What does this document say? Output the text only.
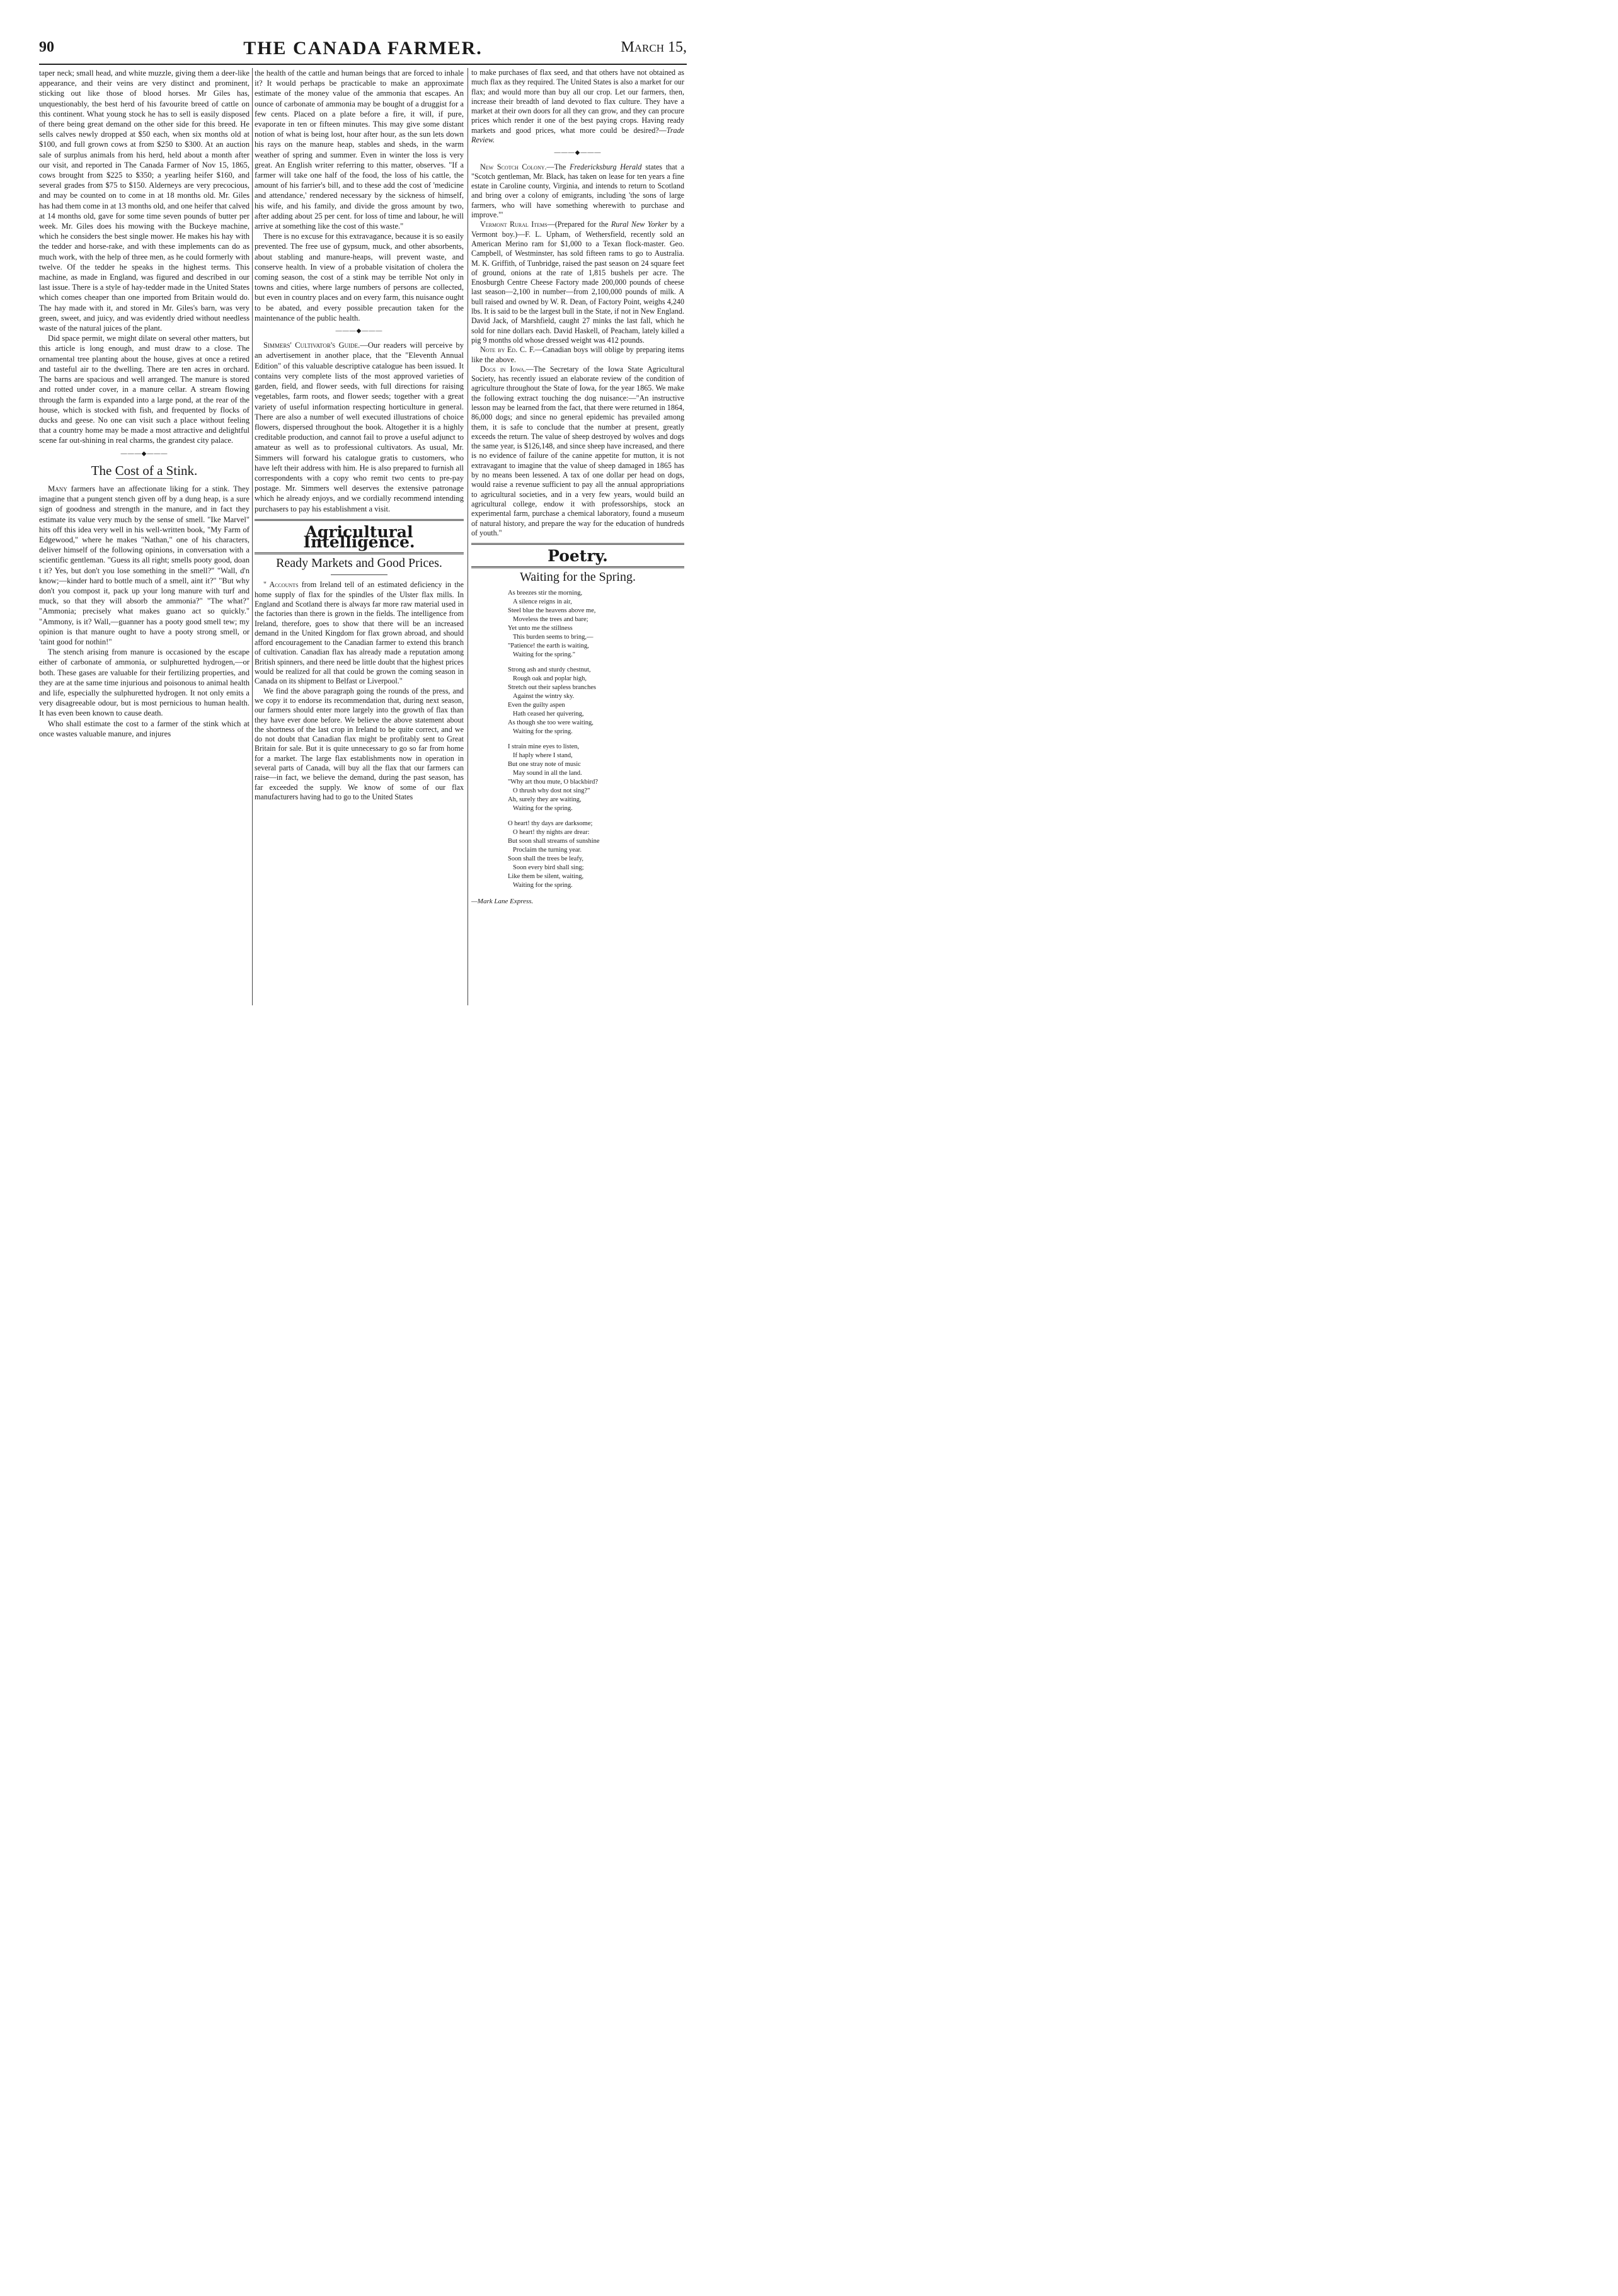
90	THE CANADA FARMER.	March 15,

taper neck; small head, and white muzzle, giving them a deer-like appearance, and their veins are very distinct and prominent, sticking out like those of blood horses. Mr Giles has, unquestionably, the best herd of his favourite breed of cattle on this continent. What young stock he has to sell is easily disposed of there being great demand on the other side for this breed. He sells calves newly dropped at $50 each, when six months old at $100, and full grown cows at from $250 to $300. At an auction sale of surplus animals from his herd, held about a month after our visit, and reported in The Canada Farmer of Nov 15, 1865, cows brought from $225 to $350; a yearling heifer $160, and several grades from $75 to $150. Alderneys are very precocious, and may be counted on to come in at 18 months old. Mr. Giles has had them come in at 13 months old, and one heifer that calved at 14 months old, gave for some time seven pounds of butter per week. Mr. Giles does his mowing with the Buckeye machine, which he considers the best single mower. He makes his hay with the tedder and horse-rake, and with these implements can do as much work, with the help of three men, as he could formerly with twelve. Of the tedder he speaks in the highest terms. This machine, as made in England, was figured and described in our last issue. There is a style of hay-tedder made in the United States which comes cheaper than one imported from Britain would do. The hay made with it, and stored in Mr. Giles's barn, was very green, sweet, and juicy, and was evidently dried without needless waste of the natural juices of the plant.

Did space permit, we might dilate on several other matters, but this article is long enough, and must draw to a close. The ornamental tree planting about the house, gives at once a retired and tasteful air to the dwelling. There are ten acres in orchard. The barns are spacious and well arranged. The manure is stored and rotted under cover, in a manure cellar. A stream flowing through the farm is expanded into a large pond, at the rear of the house, which is stocked with fish, and frequented by flocks of ducks and geese. No one can visit such a place without feeling that a country home may be made a most attractive and delightful scene far out-shining in real charms, the grandest city palace.

———◆———
The Cost of a Stink.

Many farmers have an affectionate liking for a stink. They imagine that a pungent stench given off by a dung heap, is a sure sign of goodness and strength in the manure, and in fact they estimate its value very much by the sense of smell. "Ike Marvel" hits off this idea very well in his well-written book, "My Farm of Edgewood," where he makes "Nathan," one of his characters, deliver himself of the following opinions, in conversation with a scientific gentleman. "Guess its all right; smells pooty good, doan t it? Yes, but don't you lose something in the smell?" "Wall, d'n know;—kinder hard to bottle much of a smell, aint it?" "But why don't you compost it, pack up your long manure with turf and muck, so that they will absorb the ammonia?" "The what?" "Ammonia; precisely what makes guano act so quickly." "Ammony, is it? Wall,—guanner has a pooty good smell tew; my opinion is that manure ought to have a pooty strong smell, or 'taint good for nothin!"

The stench arising from manure is occasioned by the escape either of carbonate of ammonia, or sulphuretted hydrogen,—or both. These gases are valuable for their fertilizing properties, and they are at the same time injurious and poisonous to animal health and life, especially the sulphuretted hydrogen. It not only emits a very disagreeable odour, but is most pernicious to human health. It has even been known to cause death.

Who shall estimate the cost to a farmer of the stink which at once wastes valuable manure, and injures

the health of the cattle and human beings that are forced to inhale it? It would perhaps be practicable to make an approximate estimate of the money value of the ammonia that escapes. An ounce of carbonate of ammonia may be bought of a druggist for a few cents. Placed on a plate before a fire, it will, if pure, evaporate in ten or fifteen minutes. This may give some distant notion of what is being lost, hour after hour, as the sun lets down his rays on the manure heap, stables and sheds, in the warm weather of spring and summer. Even in winter the loss is very great. An English writer referring to this matter, observes. "If a farmer will take one half of the food, the loss of his cattle, the amount of his farrier's bill, and to these add the cost of 'medicine and attendance,' rendered necessary by the sickness of himself, his wife, and his family, and divide the gross amount by two, after adding about 25 per cent. for loss of time and labour, he will arrive at something like the cost of this waste."

There is no excuse for this extravagance, because it is so easily prevented. The free use of gypsum, muck, and other absorbents, about stabling and manure-heaps, will prevent waste, and conserve health. In view of a probable visitation of cholera the coming season, the cost of a stink may be terrible Not only in towns and cities, where large numbers of persons are collected, but even in country places and on every farm, this nuisance ought to be abated, and every possible precaution taken for the maintenance of the public health.

———◆———

Simmers' Cultivator's Guide.—Our readers will perceive by an advertisement in another place, that the "Eleventh Annual Edition" of this valuable descriptive catalogue has been issued. It contains very complete lists of the most approved varieties of garden, field, and flower seeds, with full directions for raising vegetables, farm roots, and flower seeds; together with a great variety of useful information respecting horticulture in general. There are also a number of well executed illustrations of choice flowers, dispersed throughout the book. Altogether it is a highly creditable production, and cannot fail to prove a useful adjunct to amateur as well as to professional cultivators. As usual, Mr. Simmers will forward his catalogue gratis to customers, who have left their address with him. He is also prepared to furnish all correspondents with a copy who remit two cents to pre-pay postage. Mr. Simmers well deserves the extensive patronage which he already enjoys, and we cordially recommend intending purchasers to pay his establishment a visit.

Agricultural Intelligence.
Ready Markets and Good Prices.

" Accounts from Ireland tell of an estimated deficiency in the home supply of flax for the spindles of the Ulster flax mills. In England and Scotland there is always far more raw material used in the factories than there is grown in the fields. The intelligence from Ireland, therefore, goes to show that there will be an increased demand in the United Kingdom for flax grown abroad, and should afford encouragement to the Canadian farmer to extend this branch of cultivation. Canadian flax has already made a reputation among British spinners, and there need be little doubt that the highest prices would be realized for all that could be grown the coming season in Canada on its shipment to Belfast or Liverpool."

We find the above paragraph going the rounds of the press, and we copy it to endorse its recommendation that, during next season, our farmers should enter more largely into the growth of flax than they have ever done before. We believe the above statement about the shortness of the last crop in Ireland to be quite correct, and we do not doubt that Canadian flax might be profitably sent to Great Britain for sale. But it is quite unnecessary to go so far from home for a market. The large flax establishments now in operation in several parts of Canada, will buy all the flax that our farmers can raise—in fact, we believe the demand, during the past season, has far exceeded the supply. We know of some of our flax manufacturers having had to go to the United States

to make purchases of flax seed, and that others have not obtained as much flax as they required. The United States is also a market for our flax; and would more than buy all our crop. Let our farmers, then, increase their breadth of land devoted to flax culture. They have a market at their own doors for all they can grow, and they can procure prices which render it one of the best paying crops. Having ready markets and good prices, what more could be desired?—Trade Review.

———◆———

New Scotch Colony.—The Fredericksburg Herald states that a "Scotch gentleman, Mr. Black, has taken on lease for ten years a fine estate in Caroline county, Virginia, and intends to return to Scotland and bring over a colony of emigrants, including 'the sons of large farmers, who will have something wherewith to purchase and improve.'"

Vermont Rural Items—(Prepared for the Rural New Yorker by a Vermont boy.)—F. L. Upham, of Wethersfield, recently sold an American Merino ram for $1,000 to a Texan flock-master. Geo. Campbell, of Westminster, has sold fifteen rams to go to Australia. M. K. Griffith, of Tunbridge, raised the past season on 24 square feet of ground, onions at the rate of 1,815 bushels per acre. The Enosburgh Centre Cheese Factory made 200,000 pounds of cheese last season—2,100 in number—from 2,100,000 pounds of milk. A bull raised and owned by W. R. Dean, of Factory Point, weighs 4,240 lbs. It is said to be the largest bull in the State, if not in New England. David Jack, of Marshfield, caught 27 minks the last fall, which he sold for nine dollars each. David Haskell, of Peacham, lately killed a pig 9 months old whose dressed weight was 412 pounds.

Note by Ed. C. F.—Canadian boys will oblige by preparing items like the above.

Dogs in Iowa.—The Secretary of the Iowa State Agricultural Society, has recently issued an elaborate review of the condition of agriculture throughout the State of Iowa, for the year 1865. We make the following extract touching the dog nuisance:—"An instructive lesson may be learned from the fact, that there were returned in 1864, 86,000 dogs; and since no general epidemic has prevailed among them, it is safe to conclude that the number at present, greatly exceeds the return. The value of sheep destroyed by wolves and dogs the same year, is $126,148, and since sheep have increased, and there is no evidence of failure of the canine appetite for mutton, it is not extravagant to imagine that the value of sheep damaged in 1865 has by no means been lessened. A tax of one dollar per head on dogs, would raise a revenue sufficient to pay all the annual appropriations to agricultural societies, and in a very few years, would build an agricultural college, endow it with professorships, stock an experimental farm, purchase a chemical laboratory, found a museum of natural history, and prepare the way for the education of hundreds of youth."

Poetry.
Waiting for the Spring.
As breezes stir the morning,
A silence reigns in air,
Steel blue the heavens above me,
Moveless the trees and bare;
Yet unto me the stillness
This burden seems to bring,—
"Patience! the earth is waiting,
Waiting for the spring."
Strong ash and sturdy chestnut,
Rough oak and poplar high,
Stretch out their sapless branches
Against the wintry sky.
Even the guilty aspen
Hath ceased her quivering,
As though she too were waiting,
Waiting for the spring.
I strain mine eyes to listen,
If haply where I stand,
But one stray note of music
May sound in all the land.
"Why art thou mute, O blackbird?
O thrush why dost not sing?"
Ah, surely they are waiting,
Waiting for the spring.
O heart! thy days are darksome;
O heart! thy nights are drear:
But soon shall streams of sunshine
Proclaim the turning year.
Soon shall the trees be leafy,
Soon every bird shall sing;
Like them be silent, waiting,
Waiting for the spring.
—Mark Lane Express.
